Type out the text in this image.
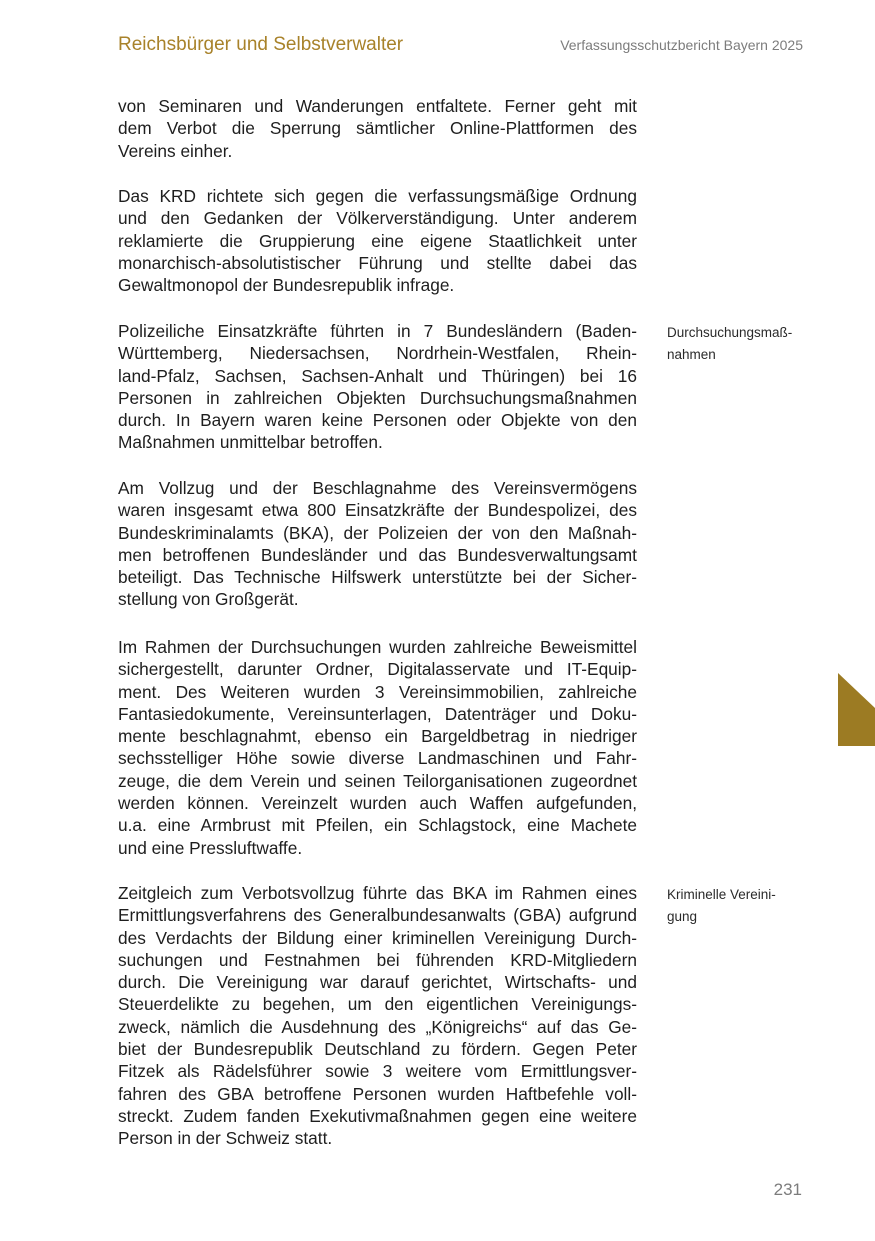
Reichsbürger und Selbstverwalter	Verfassungsschutzbericht Bayern 2025
von Seminaren und Wanderungen entfaltete. Ferner geht mit
dem Verbot die Sperrung sämtlicher Online-Plattformen des
Vereins einher.
Das KRD richtete sich gegen die verfassungsmäßige Ordnung
und den Gedanken der Völkerverständigung. Unter anderem
reklamierte die Gruppierung eine eigene Staatlichkeit unter
monarchisch-absolutistischer Führung und stellte dabei das
Gewaltmonopol der Bundesrepublik infrage.
Polizeiliche Einsatzkräfte führten in 7 Bundesländern (Baden-
Württemberg, Niedersachsen, Nordrhein-Westfalen, Rhein-
land-Pfalz, Sachsen, Sachsen-Anhalt und Thüringen) bei 16
Personen in zahlreichen Objekten Durchsuchungsmaßnahmen
durch. In Bayern waren keine Personen oder Objekte von den
Maßnahmen unmittelbar betroffen.
Am Vollzug und der Beschlagnahme des Vereinsvermögens
waren insgesamt etwa 800 Einsatzkräfte der Bundespolizei, des
Bundeskriminalamts (BKA), der Polizeien der von den Maßnah-
men betroffenen Bundesländer und das Bundesverwaltungsamt
beteiligt. Das Technische Hilfswerk unterstützte bei der Sicher-
stellung von Großgerät.
Im Rahmen der Durchsuchungen wurden zahlreiche Beweismittel
sichergestellt, darunter Ordner, Digitalasservate und IT-Equip-
ment. Des Weiteren wurden 3 Vereinsimmobilien, zahlreiche
Fantasiedokumente, Vereinsunterlagen, Datenträger und Doku-
mente beschlagnahmt, ebenso ein Bargeldbetrag in niedriger
sechsstelliger Höhe sowie diverse Landmaschinen und Fahr-
zeuge, die dem Verein und seinen Teilorganisationen zugeordnet
werden können. Vereinzelt wurden auch Waffen aufgefunden,
u.a. eine Armbrust mit Pfeilen, ein Schlagstock, eine Machete
und eine Pressluftwaffe.
Zeitgleich zum Verbotsvollzug führte das BKA im Rahmen eines
Ermittlungsverfahrens des Generalbundesanwalts (GBA) aufgrund
des Verdachts der Bildung einer kriminellen Vereinigung Durch-
suchungen und Festnahmen bei führenden KRD-Mitgliedern
durch. Die Vereinigung war darauf gerichtet, Wirtschafts- und
Steuerdelikte zu begehen, um den eigentlichen Vereinigungs-
zweck, nämlich die Ausdehnung des „Königreichs“ auf das Ge-
biet der Bundesrepublik Deutschland zu fördern. Gegen Peter
Fitzek als Rädelsführer sowie 3 weitere vom Ermittlungsver-
fahren des GBA betroffene Personen wurden Haftbefehle voll-
streckt. Zudem fanden Exekutivmaßnahmen gegen eine weitere
Person in der Schweiz statt.
Durchsuchungsmaß-
nahmen
Kriminelle Vereini-
gung
231
